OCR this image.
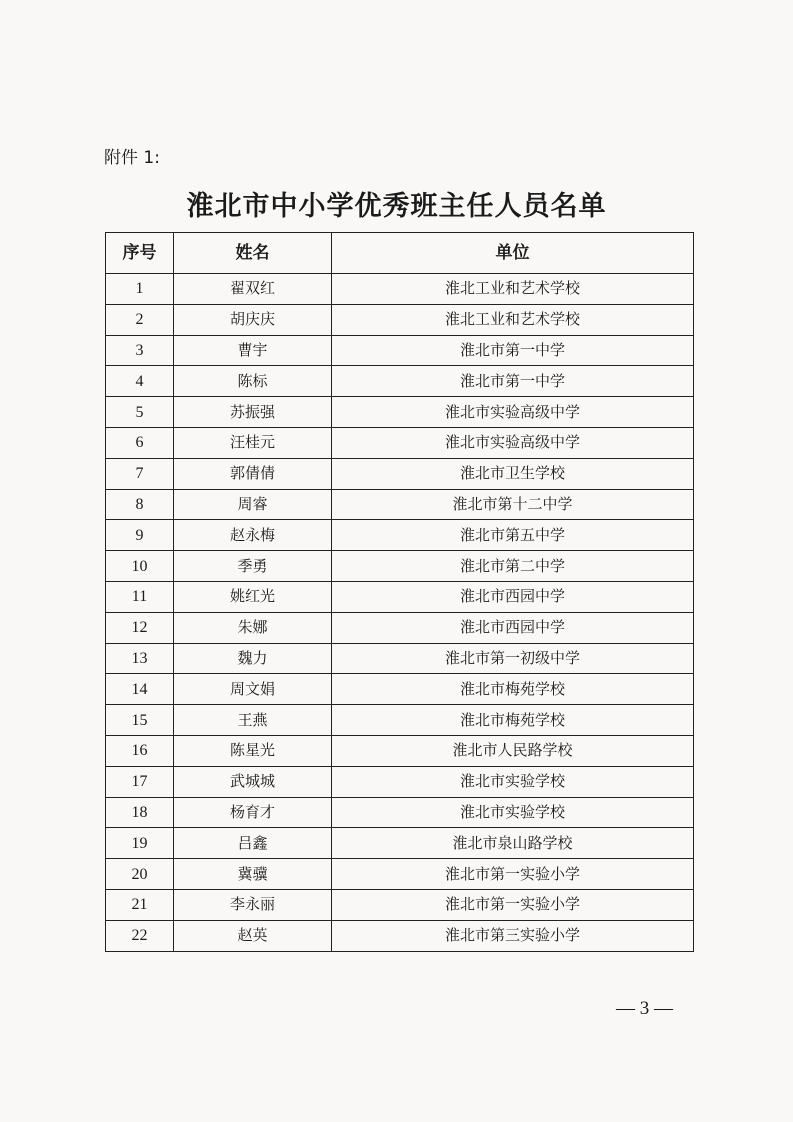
附件 1:
淮北市中小学优秀班主任人员名单
序号	姓名	单位
1	翟双红	淮北工业和艺术学校
2	胡庆庆	淮北工业和艺术学校
3	曹宇	淮北市第一中学
4	陈标	淮北市第一中学
5	苏振强	淮北市实验高级中学
6	汪桂元	淮北市实验高级中学
7	郭倩倩	淮北市卫生学校
8	周睿	淮北市第十二中学
9	赵永梅	淮北市第五中学
10	季勇	淮北市第二中学
11	姚红光	淮北市西园中学
12	朱娜	淮北市西园中学
13	魏力	淮北市第一初级中学
14	周文娟	淮北市梅苑学校
15	王燕	淮北市梅苑学校
16	陈星光	淮北市人民路学校
17	武城城	淮北市实验学校
18	杨育才	淮北市实验学校
19	吕鑫	淮北市泉山路学校
20	冀骥	淮北市第一实验小学
21	李永丽	淮北市第一实验小学
22	赵英	淮北市第三实验小学
— 3 —
